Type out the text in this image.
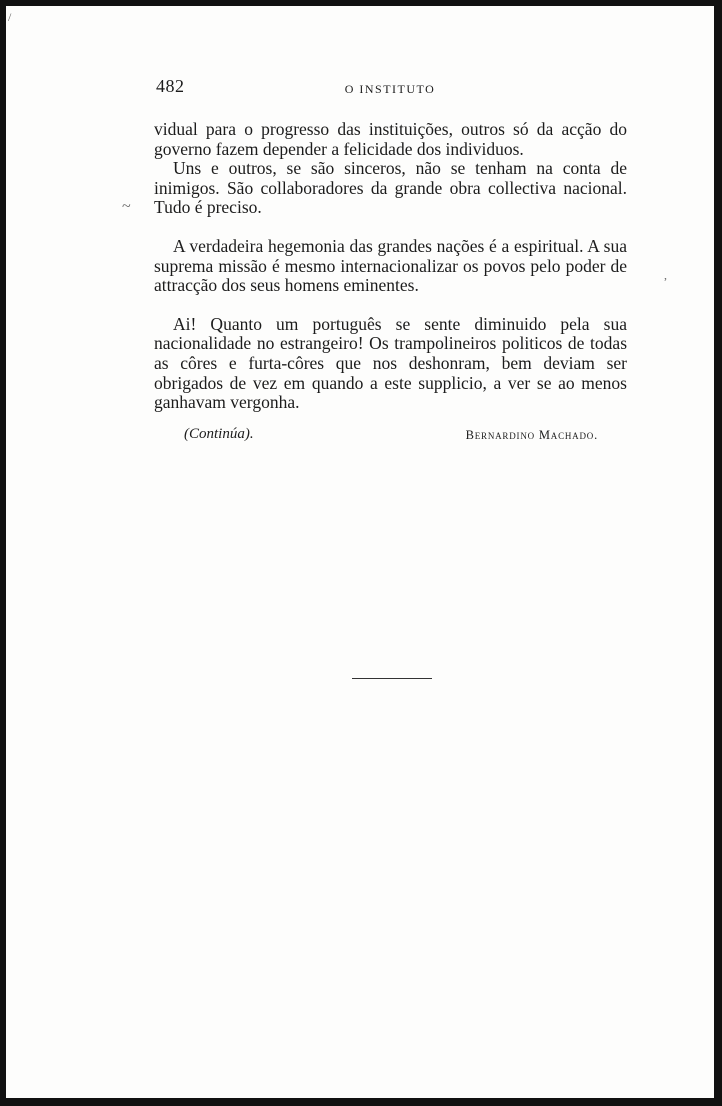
/
~
,
482	O INSTITUTO

vidual para o progresso das instituições, outros só da acção do governo fazem depender a felicidade dos individuos.

Uns e outros, se são sinceros, não se tenham na conta de inimigos. São collaboradores da grande obra collectiva nacional. Tudo é preciso.

A verdadeira hegemonia das grandes nações é a espiritual. A sua suprema missão é mesmo internacionalizar os povos pelo poder de attracção dos seus homens eminentes.

Ai! Quanto um português se sente diminuido pela sua nacionalidade no estrangeiro! Os trampolineiros politicos de todas as côres e furta-côres que nos deshonram, bem deviam ser obrigados de vez em quando a este supplicio, a ver se ao menos ganhavam vergonha.

(Continúa).	Bernardino Machado.
